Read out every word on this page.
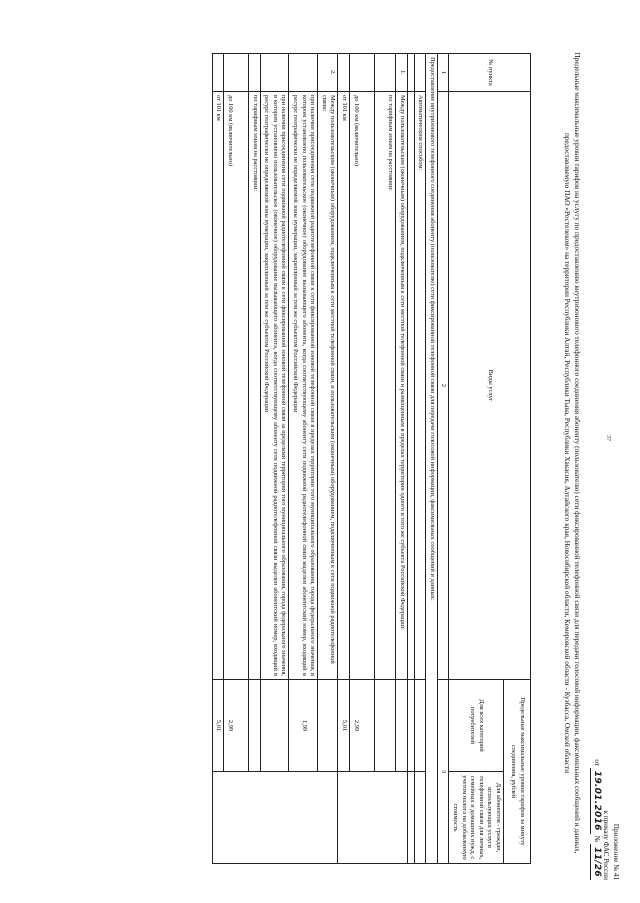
37
Приложение № 41
к приказу ФАС России
от 19.01.2016 № 11/26
Предельные максимальные уровни тарифов на услугу по предоставлению внутризонового телефонного соединения абоненту (пользователю) сети фиксированной телефонной связи для передачи голосовой информации, факсимильных сообщений и данных, предоставляемую ПАО «Ростелеком» на территории Республики Алтай, Республики Тыва, Республики Хакасия, Алтайского края, Новосибирской области, Кемеровской области - Кузбасса, Омской области
№ пункта	Виды услуг	Предельные максимальные уровни тарифов за минуту соединения, рублей	
		Для всех категорий потребителей	Для абонентов - граждан, использующих услуги телефонной связи для личных, семейных и домашних нужд, с учетом налога на добавленную стоимость
1	2	3	
Предоставление внутризонового телефонного соединения абоненту (пользователю) сети фиксированной телефонной связи для передачи голосовой информации, факсимильных сообщений и данных:			
	Автоматическим способом:		

1.	Между пользовательским (оконечным) оборудованием, подключенным к сети местной телефонной связи и размещенным в пределах территории одного и того же субъекта Российской Федерации:		
	по тарифным зонам на расстоянии:		
	до 100 км (включительно)	2,99	
	от 101 км	5,01	
2.	Между пользовательским (оконечным) оборудованием, подключенным к сети местной телефонной связи, и пользовательским (оконечным) оборудованием, подключенным к сети подвижной радиотелефонной связи:		
	при наличии присоединения сети подвижной радиотелефонной связи к сети фиксированной зоновой телефонной связи в пределах территории того муниципального образования, города федерального значения, в котором установлено пользовательское (оконечное) оборудование вызывающего абонента, когда соответствующему абоненту сети подвижной радиотелефонной связи выделен абонентский номер, входящий в ресурс географически не определяемой зоны нумерации, закрепленный за тем же субъектом Российской Федерации	1,99	
	при наличии присоединения сети подвижной радиотелефонной связи к сети фиксированной зоновой телефонной связи за пределами территории того муниципального образования, города федерального значения, в котором установлено пользовательское (оконечное) оборудование вызывающего абонента, когда соответствующему абоненту сети подвижной радиотелефонной связи выделен абонентский номер, входящий в ресурс географически не определяемой зоны нумерации, закрепленный за тем же субъектом Российской Федерации		
	по тарифным зонам на расстоянии:		
	до 100 км (включительно)	2,99	
	от 101 км	5,01	
